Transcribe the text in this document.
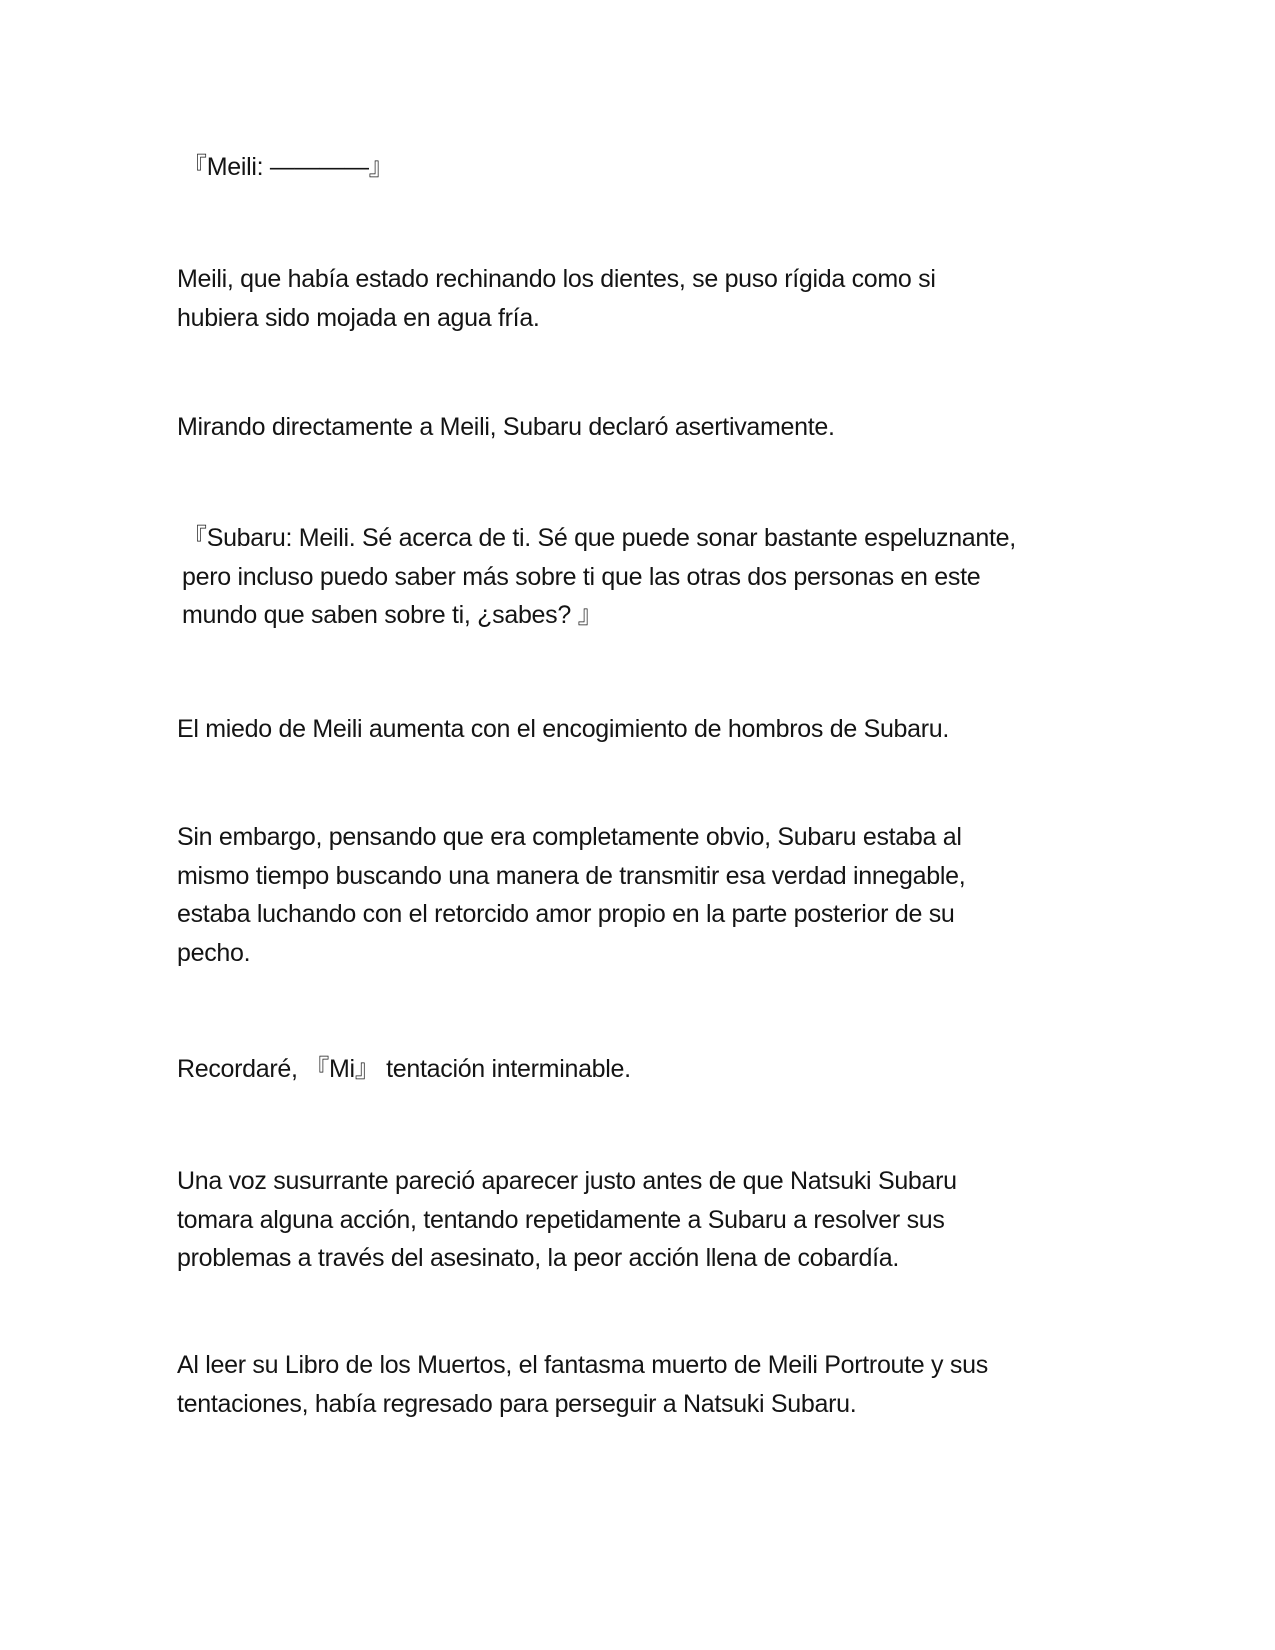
『Meili: ————』

Meili, que había estado rechinando los dientes, se puso rígida como si
hubiera sido mojada en agua fría.

Mirando directamente a Meili, Subaru declaró asertivamente.

『Subaru: Meili. Sé acerca de ti. Sé que puede sonar bastante espeluznante,
pero incluso puedo saber más sobre ti que las otras dos personas en este
mundo que saben sobre ti, ¿sabes? 』

El miedo de Meili aumenta con el encogimiento de hombros de Subaru.

Sin embargo, pensando que era completamente obvio, Subaru estaba al
mismo tiempo buscando una manera de transmitir esa verdad innegable,
estaba luchando con el retorcido amor propio en la parte posterior de su
pecho.

Recordaré, 『Mi』 tentación interminable.

Una voz susurrante pareció aparecer justo antes de que Natsuki Subaru
tomara alguna acción, tentando repetidamente a Subaru a resolver sus
problemas a través del asesinato, la peor acción llena de cobardía.

Al leer su Libro de los Muertos, el fantasma muerto de Meili Portroute y sus
tentaciones, había regresado para perseguir a Natsuki Subaru.
